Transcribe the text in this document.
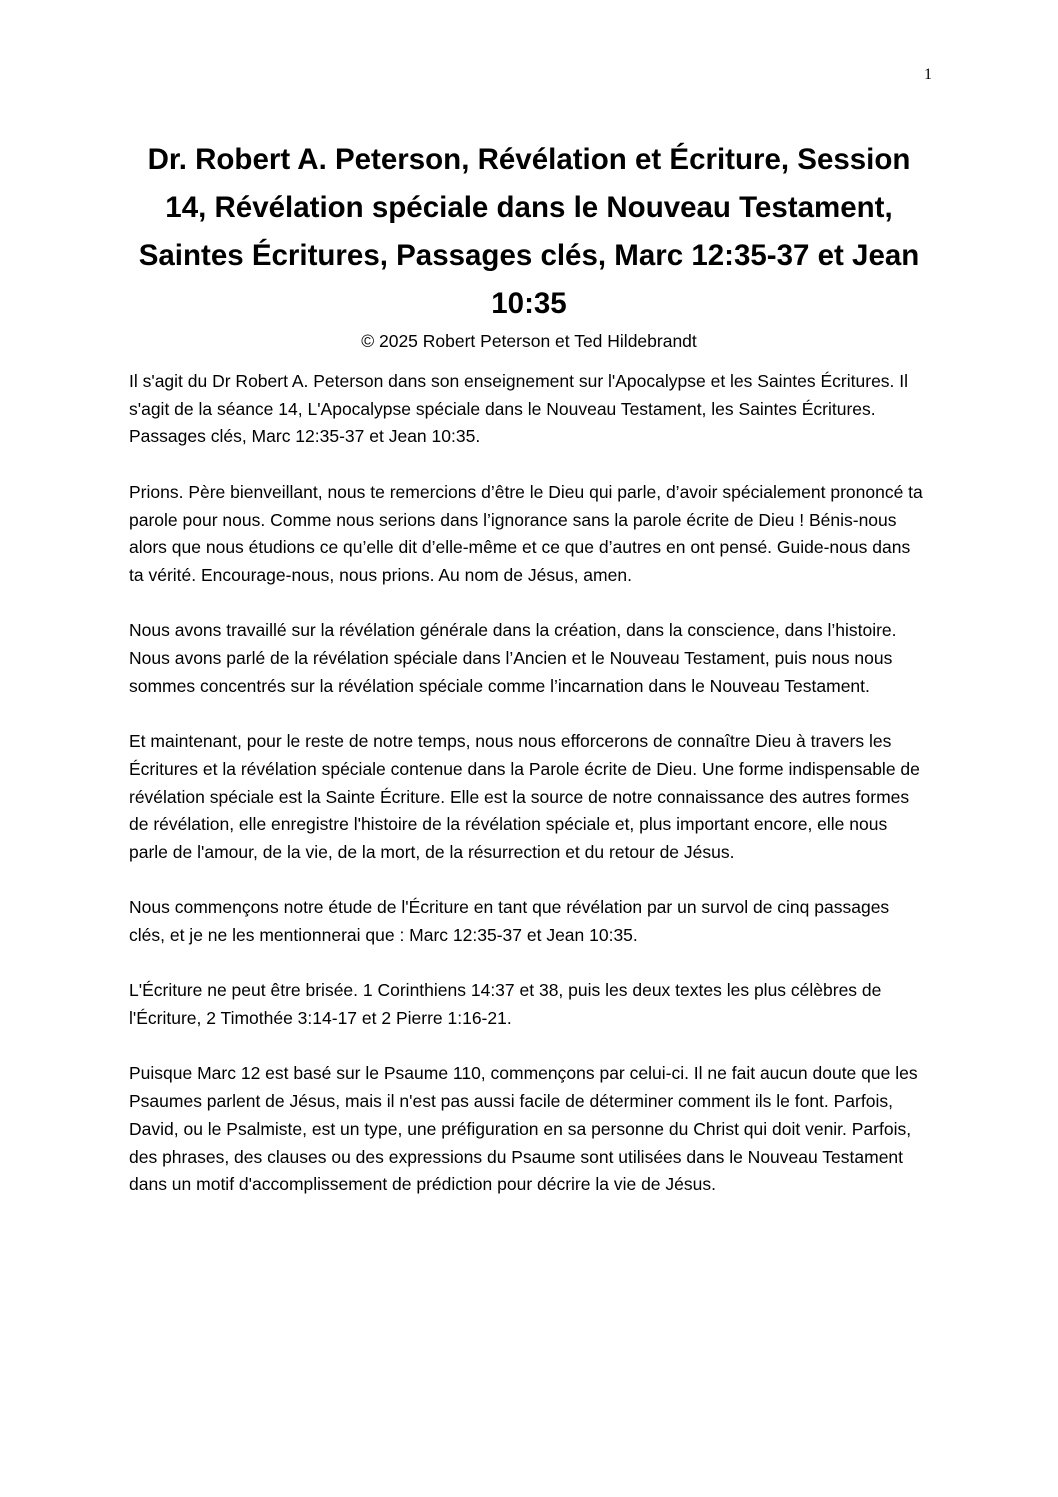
1
Dr. Robert A. Peterson, Révélation et Écriture, Session 14, Révélation spéciale dans le Nouveau Testament, Saintes Écritures, Passages clés, Marc 12:35-37 et Jean 10:35

© 2025 Robert Peterson et Ted Hildebrandt

Il s'agit du Dr Robert A. Peterson dans son enseignement sur l'Apocalypse et les Saintes Écritures. Il s'agit de la séance 14, L'Apocalypse spéciale dans le Nouveau Testament, les Saintes Écritures. Passages clés, Marc 12:35-37 et Jean 10:35.

Prions. Père bienveillant, nous te remercions d’être le Dieu qui parle, d’avoir spécialement prononcé ta parole pour nous. Comme nous serions dans l’ignorance sans la parole écrite de Dieu ! Bénis-nous alors que nous étudions ce qu’elle dit d’elle-même et ce que d’autres en ont pensé. Guide-nous dans ta vérité. Encourage-nous, nous prions. Au nom de Jésus, amen.

Nous avons travaillé sur la révélation générale dans la création, dans la conscience, dans l’histoire. Nous avons parlé de la révélation spéciale dans l’Ancien et le Nouveau Testament, puis nous nous sommes concentrés sur la révélation spéciale comme l’incarnation dans le Nouveau Testament.

Et maintenant, pour le reste de notre temps, nous nous efforcerons de connaître Dieu à travers les Écritures et la révélation spéciale contenue dans la Parole écrite de Dieu. Une forme indispensable de révélation spéciale est la Sainte Écriture. Elle est la source de notre connaissance des autres formes de révélation, elle enregistre l'histoire de la révélation spéciale et, plus important encore, elle nous parle de l'amour, de la vie, de la mort, de la résurrection et du retour de Jésus.

Nous commençons notre étude de l'Écriture en tant que révélation par un survol de cinq passages clés, et je ne les mentionnerai que : Marc 12:35-37 et Jean 10:35.

L'Écriture ne peut être brisée. 1 Corinthiens 14:37 et 38, puis les deux textes les plus célèbres de l'Écriture, 2 Timothée 3:14-17 et 2 Pierre 1:16-21.

Puisque Marc 12 est basé sur le Psaume 110, commençons par celui-ci. Il ne fait aucun doute que les Psaumes parlent de Jésus, mais il n'est pas aussi facile de déterminer comment ils le font. Parfois, David, ou le Psalmiste, est un type, une préfiguration en sa personne du Christ qui doit venir. Parfois, des phrases, des clauses ou des expressions du Psaume sont utilisées dans le Nouveau Testament dans un motif d'accomplissement de prédiction pour décrire la vie de Jésus.
